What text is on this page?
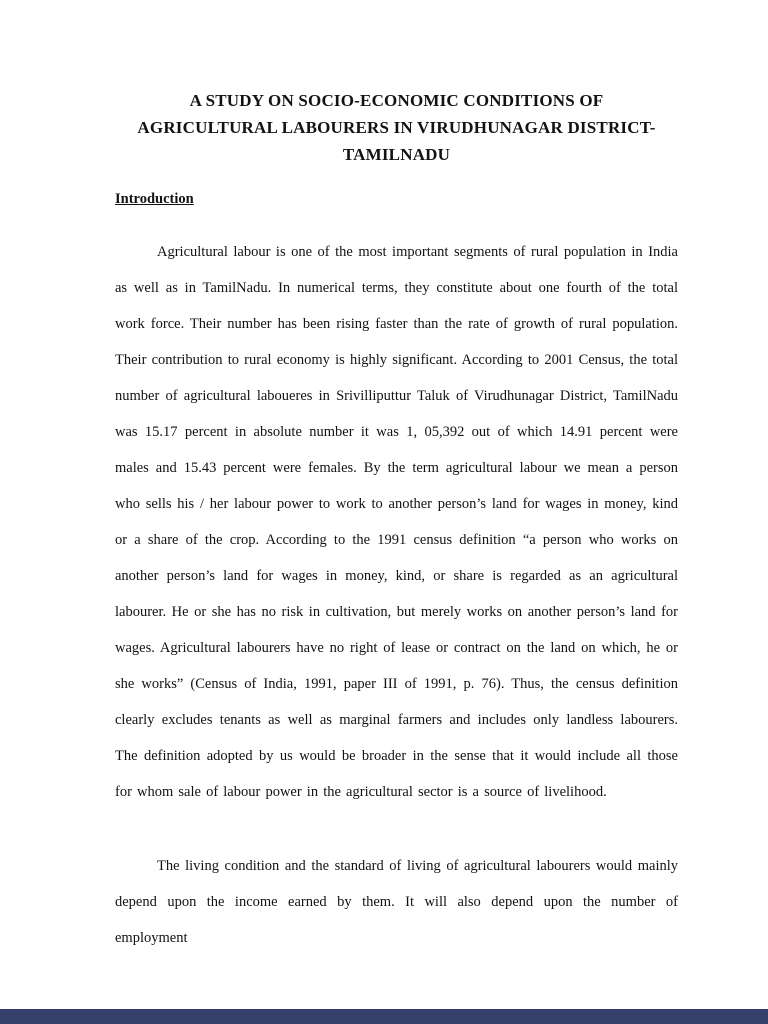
A STUDY ON SOCIO-ECONOMIC CONDITIONS OF
AGRICULTURAL LABOURERS IN VIRUDHUNAGAR DISTRICT-
TAMILNADU
Introduction

Agricultural labour is one of the most important segments of rural population in India as well as in TamilNadu. In numerical terms, they constitute about one fourth of the total work force. Their number has been rising faster than the rate of growth of rural population. Their contribution to rural economy is highly significant. According to 2001 Census, the total number of agricultural laboueres in Srivilliputtur Taluk of Virudhunagar District, TamilNadu was 15.17 percent in absolute number it was 1, 05,392 out of which 14.91 percent were males and 15.43 percent were females. By the term agricultural labour we mean a person who sells his / her labour power to work to another person’s land for wages in money, kind or a share of the crop. According to the 1991 census definition “a person who works on another person’s land for wages in money, kind, or share is regarded as an agricultural labourer. He or she has no risk in cultivation, but merely works on another person’s land for wages. Agricultural labourers have no right of lease or contract on the land on which, he or she works” (Census of India, 1991, paper III of 1991, p. 76). Thus, the census definition clearly excludes tenants as well as marginal farmers and includes only landless labourers. The definition adopted by us would be broader in the sense that it would include all those for whom sale of labour power in the agricultural sector is a source of livelihood.

The living condition and the standard of living of agricultural labourers would mainly depend upon the income earned by them. It will also depend upon the number of employment
